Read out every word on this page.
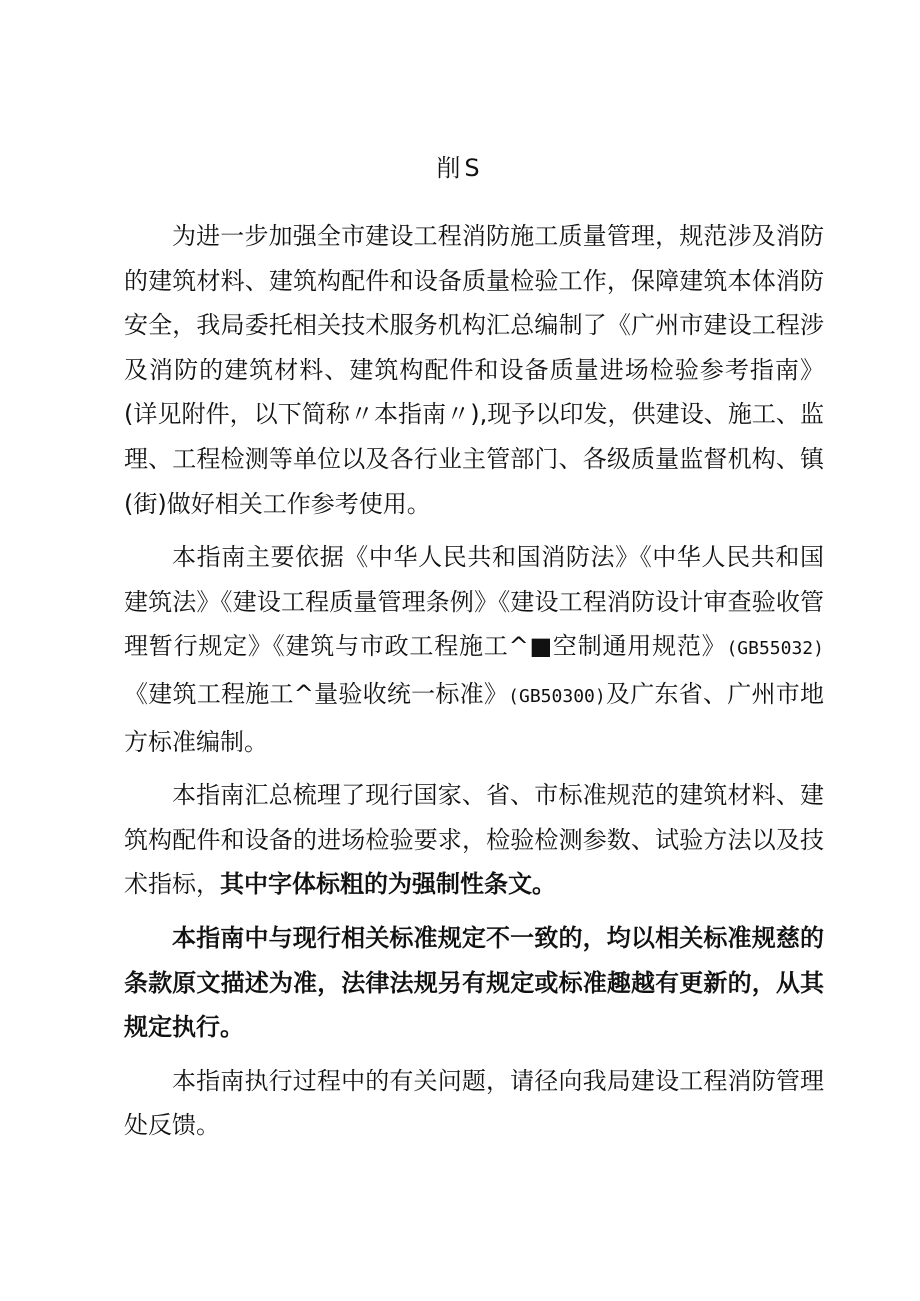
削S

为进一步加强全市建设工程消防施工质量管理，规范涉及消防的建筑材料、建筑构配件和设备质量检验工作，保障建筑本体消防安全，我局委托相关技术服务机构汇总编制了《广州市建设工程涉及消防的建筑材料、建筑构配件和设备质量进场检验参考指南》(详见附件，以下简称〃本指南〃),现予以印发，供建设、施工、监理、工程检测等单位以及各行业主管部门、各级质量监督机构、镇(街)做好相关工作参考使用。

本指南主要依据《中华人民共和国消防法》《中华人民共和国建筑法》《建设工程质量管理条例》《建设工程消防设计审查验收管理暂行规定》《建筑与市政工程施工^■空制通用规范》(GB55032)《建筑工程施工^量验收统一标准》(GB50300)及广东省、广州市地方标准编制。

本指南汇总梳理了现行国家、省、市标准规范的建筑材料、建筑构配件和设备的进场检验要求，检验检测参数、试验方法以及技术指标，其中字体标粗的为强制性条文。

本指南中与现行相关标准规定不一致的，均以相关标准规慈的条款原文描述为准，法律法规另有规定或标准趣越有更新的，从其规定执行。

本指南执行过程中的有关问题，请径向我局建设工程消防管理处反馈。
